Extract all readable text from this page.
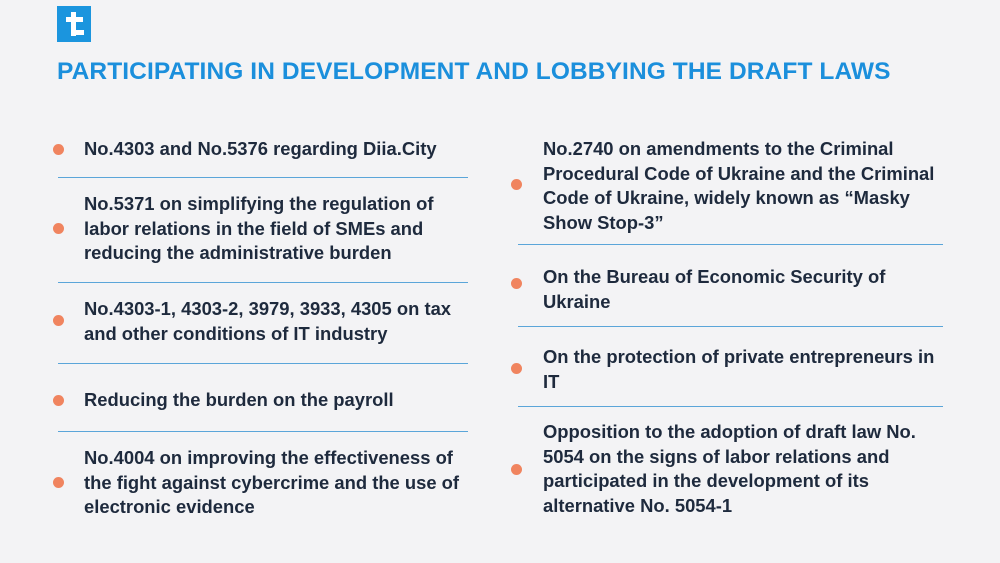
PARTICIPATING IN DEVELOPMENT AND LOBBYING THE DRAFT LAWS
No.4303 and No.5376 regarding Diia.City
No.5371 on simplifying the regulation of labor relations in the field of SMEs and reducing the administrative burden
No.4303-1, 4303-2, 3979, 3933, 4305 on tax and other conditions of IT industry
Reducing the burden on the payroll
No.4004 on improving the effectiveness of the fight against cybercrime and the use of electronic evidence
No.2740 on amendments to the Criminal Procedural Code of Ukraine and the Criminal Code of Ukraine, widely known as “Masky Show Stop-3”
On the Bureau of Economic Security of Ukraine
On the protection of private entrepreneurs in IT
Opposition to the adoption of draft law No. 5054 on the signs of labor relations and participated in the development of its alternative No. 5054-1
